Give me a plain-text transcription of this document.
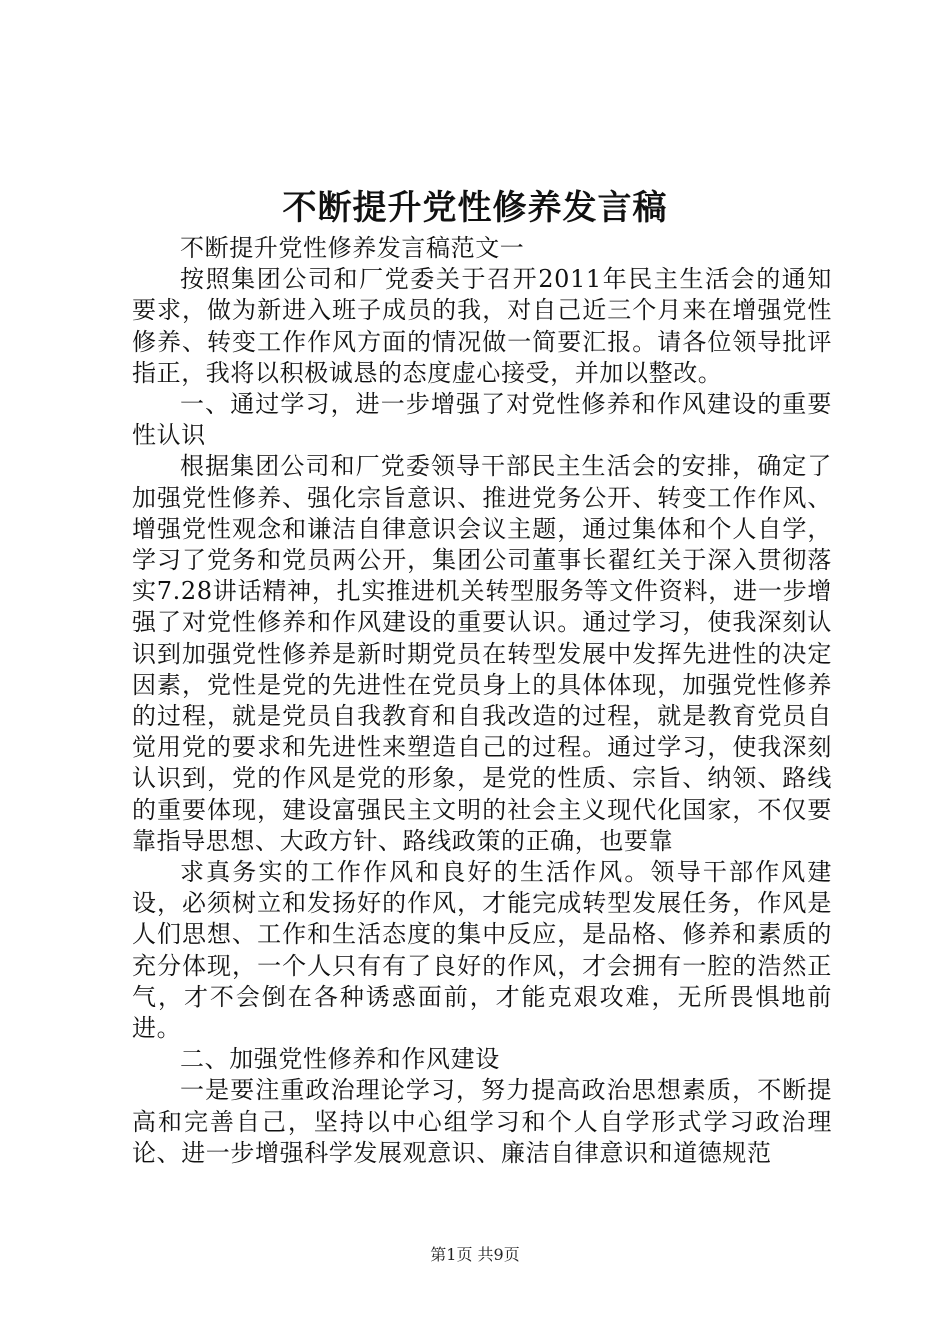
不断提升党性修养发言稿

不断提升党性修养发言稿范文一

按照集团公司和厂党委关于召开2011年民主生活会的通知要求，做为新进入班子成员的我，对自己近三个月来在增强党性修养、转变工作作风方面的情况做一简要汇报。请各位领导批评指正，我将以积极诚恳的态度虚心接受，并加以整改。

一、通过学习，进一步增强了对党性修养和作风建设的重要性认识

根据集团公司和厂党委领导干部民主生活会的安排，确定了加强党性修养、强化宗旨意识、推进党务公开、转变工作作风、增强党性观念和谦洁自律意识会议主题，通过集体和个人自学，学习了党务和党员两公开，集团公司董事长翟红关于深入贯彻落实7.28讲话精神，扎实推进机关转型服务等文件资料，进一步增强了对党性修养和作风建设的重要认识。通过学习，使我深刻认识到加强党性修养是新时期党员在转型发展中发挥先进性的决定因素，党性是党的先进性在党员身上的具体体现，加强党性修养的过程，就是党员自我教育和自我改造的过程，就是教育党员自觉用党的要求和先进性来塑造自己的过程。通过学习，使我深刻认识到，党的作风是党的形象，是党的性质、宗旨、纳领、路线的重要体现，建设富强民主文明的社会主义现代化国家，不仅要靠指导思想、大政方针、路线政策的正确，也要靠

求真务实的工作作风和良好的生活作风。领导干部作风建设，必须树立和发扬好的作风，才能完成转型发展任务，作风是人们思想、工作和生活态度的集中反应，是品格、修养和素质的充分体现，一个人只有有了良好的作风，才会拥有一腔的浩然正气，才不会倒在各种诱惑面前，才能克艰攻难，无所畏惧地前进。

二、加强党性修养和作风建设

一是要注重政治理论学习，努力提高政治思想素质，不断提高和完善自己，坚持以中心组学习和个人自学形式学习政治理论、进一步增强科学发展观意识、廉洁自律意识和道德规范

第1页 共9页
